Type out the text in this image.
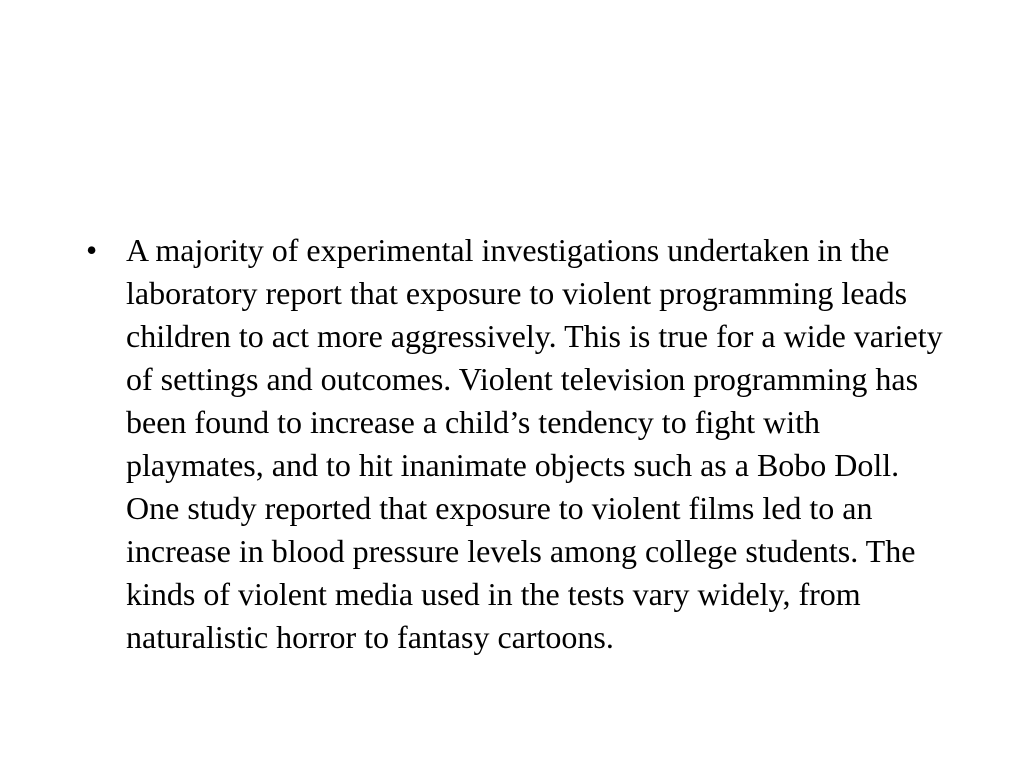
• A majority of experimental investigations undertaken in the laboratory report that exposure to violent programming leads children to act more aggressively. This is true for a wide variety of settings and outcomes. Violent television programming has been found to increase a child’s tendency to fight with playmates, and to hit inanimate objects such as a Bobo Doll. One study reported that exposure to violent films led to an increase in blood pressure levels among college students. The kinds of violent media used in the tests vary widely, from naturalistic horror to fantasy cartoons.
